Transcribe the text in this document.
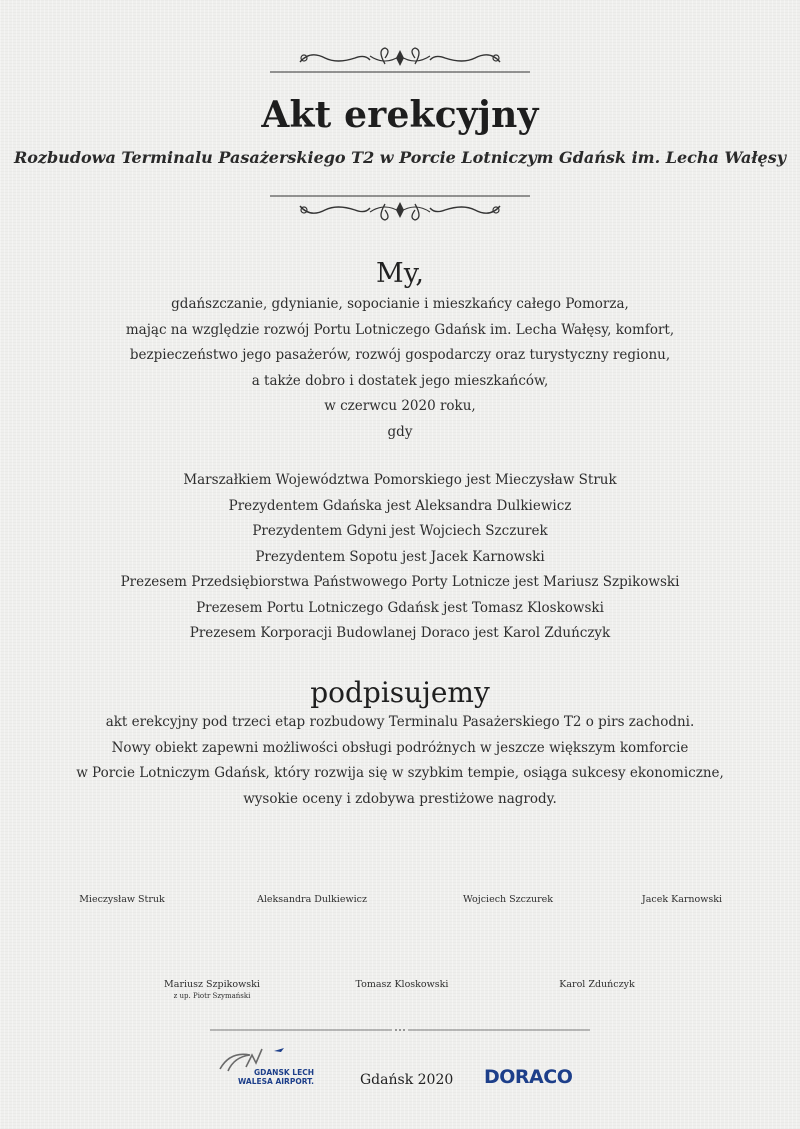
Akt erekcyjny
Rozbudowa Terminalu Pasażerskiego T2 w Porcie Lotniczym Gdańsk im. Lecha Wałęsy
My,
gdańszczanie, gdynianie, sopocianie i mieszkańcy całego Pomorza,
mając na względzie rozwój Portu Lotniczego Gdańsk im. Lecha Wałęsy, komfort,
bezpieczeństwo jego pasażerów, rozwój gospodarczy oraz turystyczny regionu,
a także dobro i dostatek jego mieszkańców,
w czerwcu 2020 roku,
gdy
Marszałkiem Województwa Pomorskiego jest Mieczysław Struk
Prezydentem Gdańska jest Aleksandra Dulkiewicz
Prezydentem Gdyni jest Wojciech Szczurek
Prezydentem Sopotu jest Jacek Karnowski
Prezesem Przedsiębiorstwa Państwowego Porty Lotnicze jest Mariusz Szpikowski
Prezesem Portu Lotniczego Gdańsk jest Tomasz Kloskowski
Prezesem Korporacji Budowlanej Doraco jest Karol Zduńczyk
podpisujemy
akt erekcyjny pod trzeci etap rozbudowy Terminalu Pasażerskiego T2 o pirs zachodni.
Nowy obiekt zapewni możliwości obsługi podróżnych w jeszcze większym komforcie
w Porcie Lotniczym Gdańsk, który rozwija się w szybkim tempie, osiąga sukcesy ekonomiczne,
wysokie oceny i zdobywa prestiżowe nagrody.
Mieczysław Struk	Aleksandra Dulkiewicz	Wojciech Szczurek	Jacek Karnowski
Mariusz Szpikowski
z up. Piotr Szymański
Tomasz Kloskowski	Karol Zduńczyk
GDANSK LECH
WALESA AIRPORT.	Gdańsk 2020 DORACO
